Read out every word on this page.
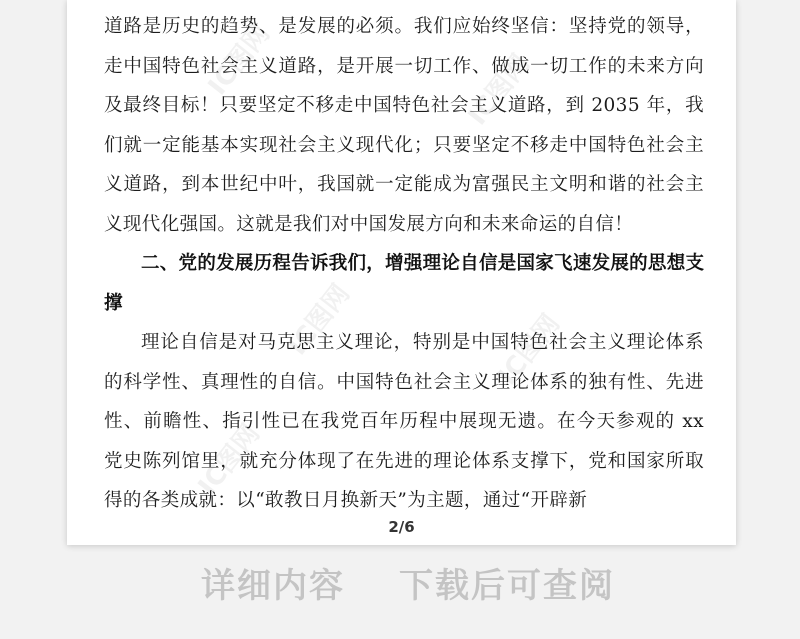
IC图网	IC图网
IC图网	IC图网
IC图网

道路是历史的趋势、是发展的必须。我们应始终坚信：坚持党的领导，走中国特色社会主义道路，是开展一切工作、做成一切工作的未来方向及最终目标！只要坚定不移走中国特色社会主义道路，到 2035 年，我们就一定能基本实现社会主义现代化；只要坚定不移走中国特色社会主义道路，到本世纪中叶，我国就一定能成为富强民主文明和谐的社会主义现代化强国。这就是我们对中国发展方向和未来命运的自信！

二、党的发展历程告诉我们，增强理论自信是国家飞速发展的思想支撑

理论自信是对马克思主义理论，特别是中国特色社会主义理论体系的科学性、真理性的自信。中国特色社会主义理论体系的独有性、先进性、前瞻性、指引性已在我党百年历程中展现无遗。在今天参观的 xx 党史陈列馆里，就充分体现了在先进的理论体系支撑下，党和国家所取得的各类成就：以“敢教日月换新天”为主题，通过“开辟新

2/6
详细内容 下载后可查阅
